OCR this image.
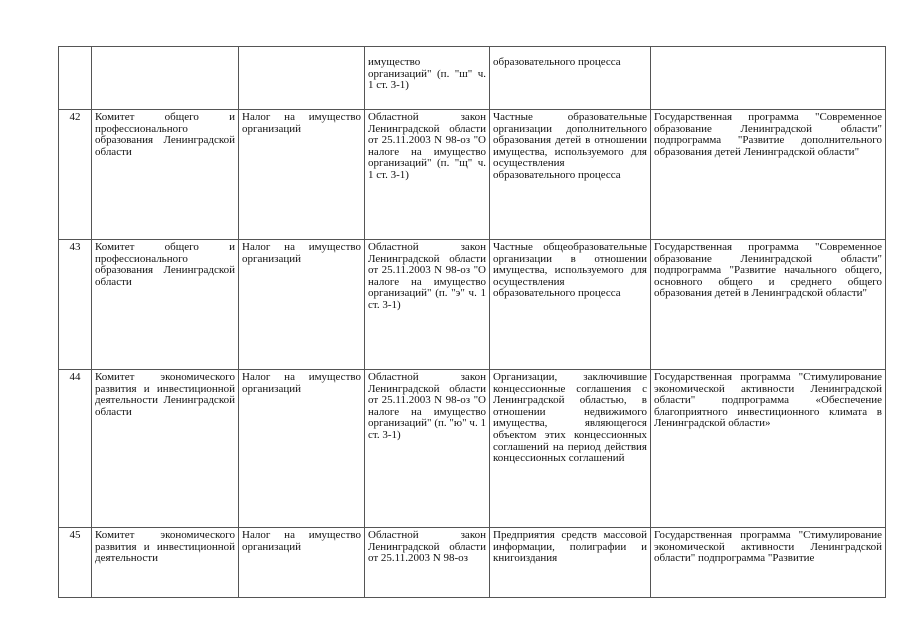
			имущество организаций" (п. "ш" ч. 1 ст. 3-1)	образовательного процесса	
42	Комитет общего и профессионального образования Ленинградской области	Налог на имущество организаций	Областной закон Ленинградской области от 25.11.2003 N 98-оз "О налоге на имущество организаций" (п. "щ" ч. 1 ст. 3-1)	Частные образовательные организации дополнительного образования детей в отношении имущества, используемого для осуществления образовательного процесса	Государственная программа "Современное образование Ленинградской области" подпрограмма "Развитие дополнительного образования детей Ленинградской области"
43	Комитет общего и профессионального образования Ленинградской области	Налог на имущество организаций	Областной закон Ленинградской области от 25.11.2003 N 98-оз "О налоге на имущество организаций" (п. "э" ч. 1 ст. 3-1)	Частные общеобразовательные организации в отношении имущества, используемого для осуществления образовательного процесса	Государственная программа "Современное образование Ленинградской области" подпрограмма "Развитие начального общего, основного общего и среднего общего образования детей в Ленинградской области"
44	Комитет экономического развития и инвестиционной деятельности Ленинградской области	Налог на имущество организаций	Областной закон Ленинградской области от 25.11.2003 N 98-оз "О налоге на имущество организаций" (п. "ю" ч. 1 ст. 3-1)	Организации, заключившие концессионные соглашения с Ленинградской областью, в отношении недвижимого имущества, являющегося объектом этих концессионных соглашений на период действия концессионных соглашений	Государственная программа "Стимулирование экономической активности Ленинградской области" подпрограмма «Обеспечение благоприятного инвестиционного климата в Ленинградской области»
45	Комитет экономического развития и инвестиционной деятельности	Налог на имущество организаций	Областной закон Ленинградской области от 25.11.2003 N 98-оз	Предприятия средств массовой информации, полиграфии и книгоиздания	Государственная программа "Стимулирование экономической активности Ленинградской области" подпрограмма "Развитие
